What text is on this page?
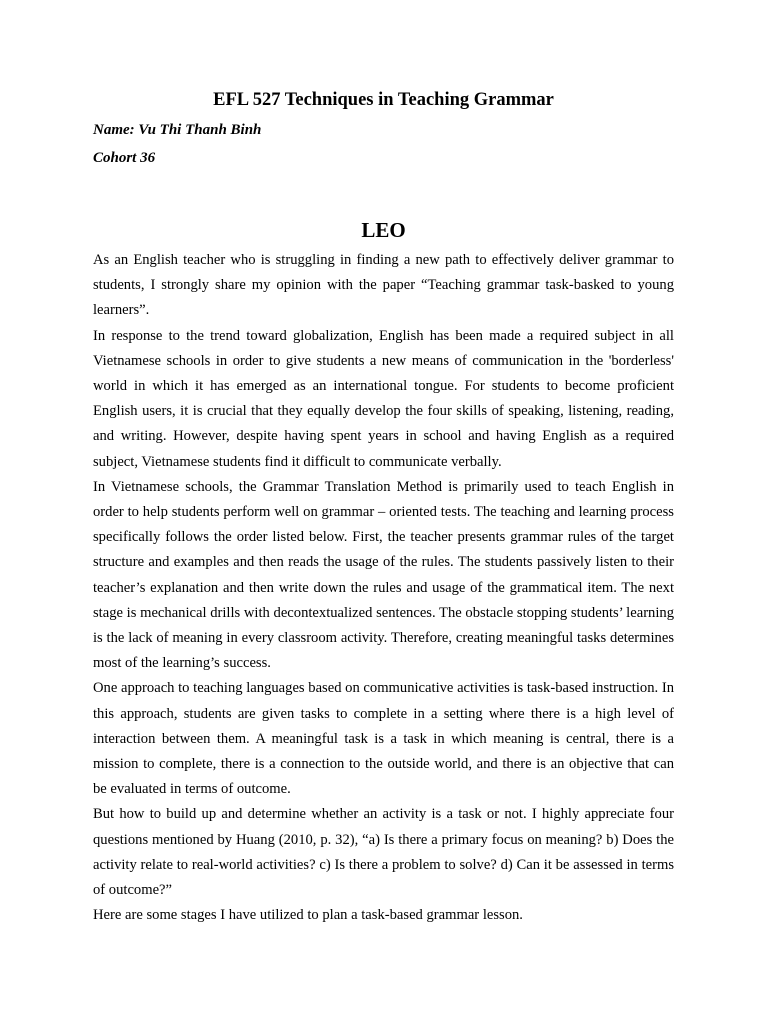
EFL 527 Techniques in Teaching Grammar

Name: Vu Thi Thanh Binh

Cohort 36

LEO

As an English teacher who is struggling in finding a new path to effectively deliver grammar to students, I strongly share my opinion with the paper “Teaching grammar task-basked to young learners”.

In response to the trend toward globalization, English has been made a required subject in all Vietnamese schools in order to give students a new means of communication in the 'borderless' world in which it has emerged as an international tongue. For students to become proficient English users, it is crucial that they equally develop the four skills of speaking, listening, reading, and writing. However, despite having spent years in school and having English as a required subject, Vietnamese students find it difficult to communicate verbally.

In Vietnamese schools, the Grammar Translation Method is primarily used to teach English in order to help students perform well on grammar – oriented tests. The teaching and learning process specifically follows the order listed below. First, the teacher presents grammar rules of the target structure and examples and then reads the usage of the rules. The students passively listen to their teacher’s explanation and then write down the rules and usage of the grammatical item. The next stage is mechanical drills with decontextualized sentences. The obstacle stopping students’ learning is the lack of meaning in every classroom activity. Therefore, creating meaningful tasks determines most of the learning’s success.

One approach to teaching languages based on communicative activities is task-based instruction. In this approach, students are given tasks to complete in a setting where there is a high level of interaction between them. A meaningful task is a task in which meaning is central, there is a mission to complete, there is a connection to the outside world, and there is an objective that can be evaluated in terms of outcome.

But how to build up and determine whether an activity is a task or not. I highly appreciate four questions mentioned by Huang (2010, p. 32), “a) Is there a primary focus on meaning? b) Does the activity relate to real-world activities? c) Is there a problem to solve? d) Can it be assessed in terms of outcome?”

Here are some stages I have utilized to plan a task-based grammar lesson.
